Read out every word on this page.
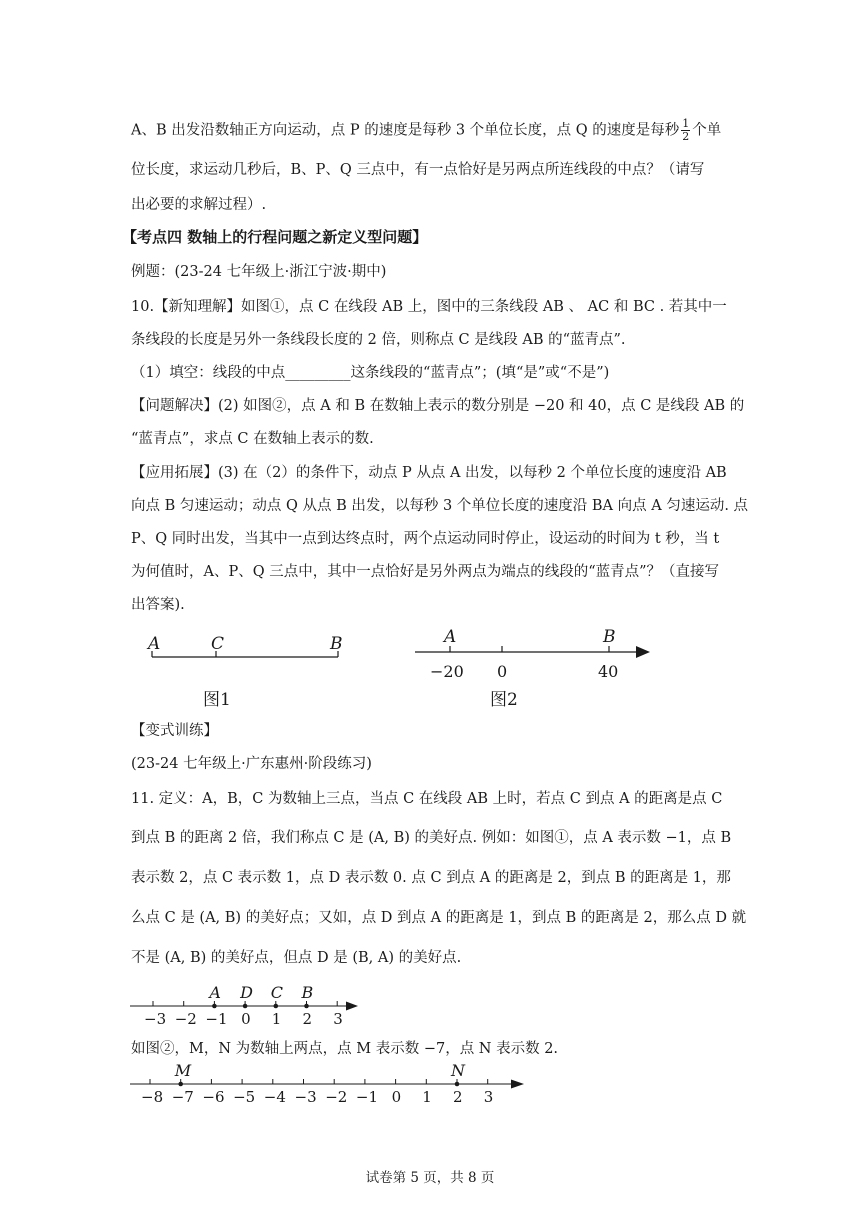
A、B 出发沿数轴正方向运动，点 P 的速度是每秒 3 个单位长度，点 Q 的速度是每秒 $\frac{1}{2}$ 个单
位长度，求运动几秒后，B、P、Q 三点中，有一点恰好是另两点所连线段的中点？（请写
出必要的求解过程）.
【考点四 数轴上的行程问题之新定义型问题】
例题：(23-24 七年级上·浙江宁波·期中)
10.【新知理解】如图①，点 C 在线段 AB 上，图中的三条线段 AB 、 AC 和 BC . 若其中一
条线段的长度是另外一条线段长度的 2 倍，则称点 C 是线段 AB 的“蓝青点”.
（1）填空：线段的中点_________这条线段的“蓝青点”；(填“是”或“不是”)
【问题解决】(2) 如图②，点 A 和 B 在数轴上表示的数分别是 −20 和 40，点 C 是线段 AB 的
“蓝青点”，求点 C 在数轴上表示的数.
【应用拓展】(3) 在（2）的条件下，动点 P 从点 A 出发，以每秒 2 个单位长度的速度沿 AB
向点 B 匀速运动；动点 Q 从点 B 出发，以每秒 3 个单位长度的速度沿 BA 向点 A 匀速运动. 点
P、Q 同时出发，当其中一点到达终点时，两个点运动同时停止，设运动的时间为 t 秒，当 t
为何值时，A、P、Q 三点中，其中一点恰好是另外两点为端点的线段的“蓝青点”？（直接写
出答案).
A	C	B
图1
A	B
−20 0	40
图2
【变式训练】
(23-24 七年级上·广东惠州·阶段练习)
11. 定义：A，B，C 为数轴上三点，当点 C 在线段 AB 上时，若点 C 到点 A 的距离是点 C
到点 B 的距离 2 倍，我们称点 C 是 (A, B) 的美好点. 例如：如图①，点 A 表示数 −1，点 B
表示数 2，点 C 表示数 1，点 D 表示数 0. 点 C 到点 A 的距离是 2，到点 B 的距离是 1，那
么点 C 是 (A, B) 的美好点；又如，点 D 到点 A 的距离是 1，到点 B 的距离是 2，那么点 D 就
不是 (A, B) 的美好点，但点 D 是 (B, A) 的美好点.
−3 −2 −1 0 1 2 3
A D C B
如图②，M，N 为数轴上两点，点 M 表示数 −7，点 N 表示数 2.
−8 −7 −6 −5 −4 −3 −2 −1 0 1 2 3
M	N
试卷第 5 页，共 8 页
